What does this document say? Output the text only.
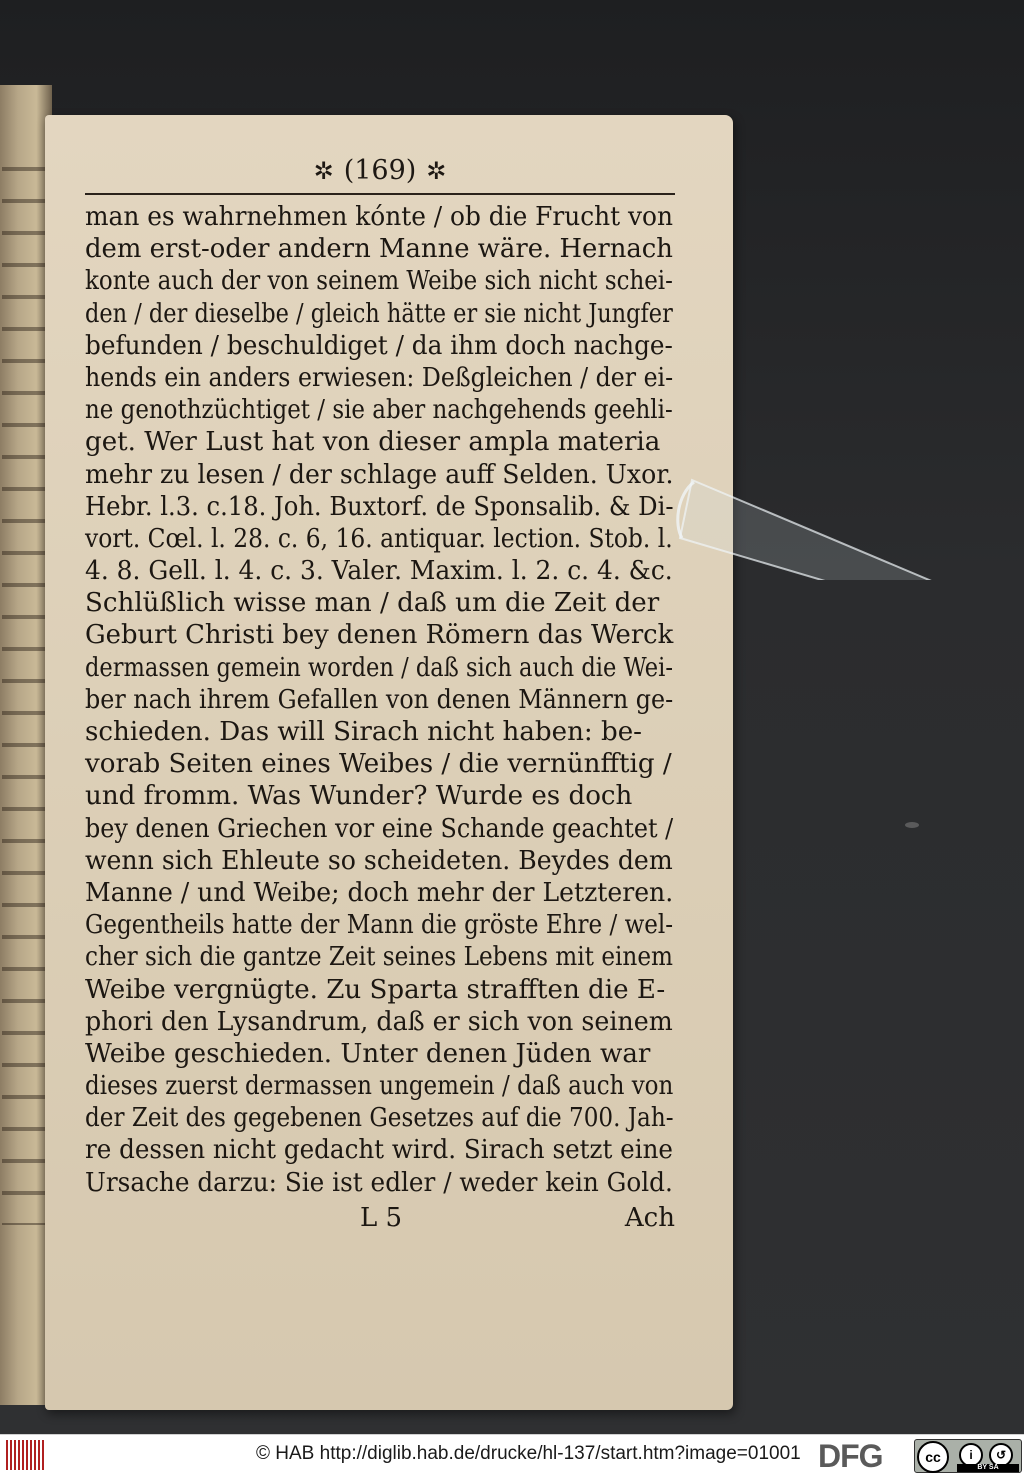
✲ (169) ✲
man es wahrnehmen kónte / ob die Frucht von
dem erst-oder andern Manne wäre. Hernach
konte auch der von seinem Weibe sich nicht schei-
den / der dieselbe / gleich hätte er sie nicht Jungfer
befunden / beschuldiget / da ihm doch nachge-
hends ein anders erwiesen: Deßgleichen / der ei-
ne genothzüchtiget / sie aber nachgehends geehli-
get. Wer Lust hat von dieser ampla materia
mehr zu lesen / der schlage auff Selden. Uxor.
Hebr. l.3. c.18. Joh. Buxtorf. de Sponsalib. & Di-
vort. Cœl. l. 28. c. 6, 16. antiquar. lection. Stob. l.
4. 8. Gell. l. 4. c. 3. Valer. Maxim. l. 2. c. 4. &c.
Schlüßlich wisse man / daß um die Zeit der
Geburt Christi bey denen Römern das Werck
dermassen gemein worden / daß sich auch die Wei-
ber nach ihrem Gefallen von denen Männern ge-
schieden. Das will Sirach nicht haben: be-
vorab Seiten eines Weibes / die vernünfftig /
und fromm. Was Wunder? Wurde es doch
bey denen Griechen vor eine Schande geachtet /
wenn sich Ehleute so scheideten. Beydes dem
Manne / und Weibe; doch mehr der Letzteren.
Gegentheils hatte der Mann die gröste Ehre / wel-
cher sich die gantze Zeit seines Lebens mit einem
Weibe vergnügte. Zu Sparta strafften die E-
phori den Lysandrum, daß er sich von seinem
Weibe geschieden. Unter denen Jüden war
dieses zuerst dermassen ungemein / daß auch von
der Zeit des gegebenen Gesetzes auf die 700. Jah-
re dessen nicht gedacht wird. Sirach setzt eine
Ursache darzu: Sie ist edler / weder kein Gold.
L 5	Ach
© HAB http://diglib.hab.de/drucke/hl-137/start.htm?image=01001 DFG	cc	i	↺
BY SA
